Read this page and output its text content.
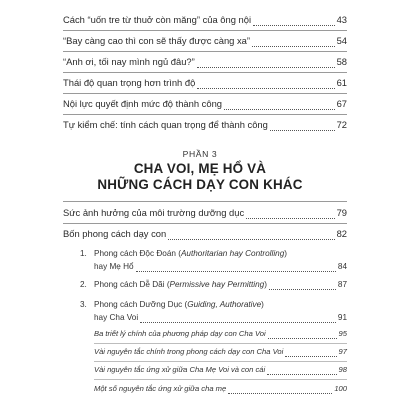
Cách “uốn tre từ thuở còn măng” của ông nội	43
“Bay càng cao thì con sẽ thấy được càng xa”	54
“Anh ơi, tối nay mình ngủ đâu?”	58
Thái độ quan trọng hơn trình độ	61
Nội lực quyết định mức độ thành công	67
Tự kiểm chế: tính cách quan trọng để thành công	72
PHẦN 3
CHA VOI, MẸ HỔ VÀ
NHỮNG CÁCH DẠY CON KHÁC
Sức ảnh hưởng của môi trường dưỡng dục	79
Bốn phong cách dạy con	82
1. Phong cách Độc Đoán (Authoritarian hay Controlling)
hay Mẹ Hổ	84
2. Phong cách Dễ Dãi (Permissive hay Permitting)	87
3. Phong cách Dưỡng Dục (Guiding, Authorative)
hay Cha Voi	91
Ba triết lý chính của phương pháp dạy con Cha Voi	95
Vài nguyên tắc chính trong phong cách dạy con Cha Voi	97
Vài nguyên tắc ứng xử giữa Cha Mẹ Voi và con cái	98
Một số nguyên tắc ứng xử giữa cha mẹ	100
